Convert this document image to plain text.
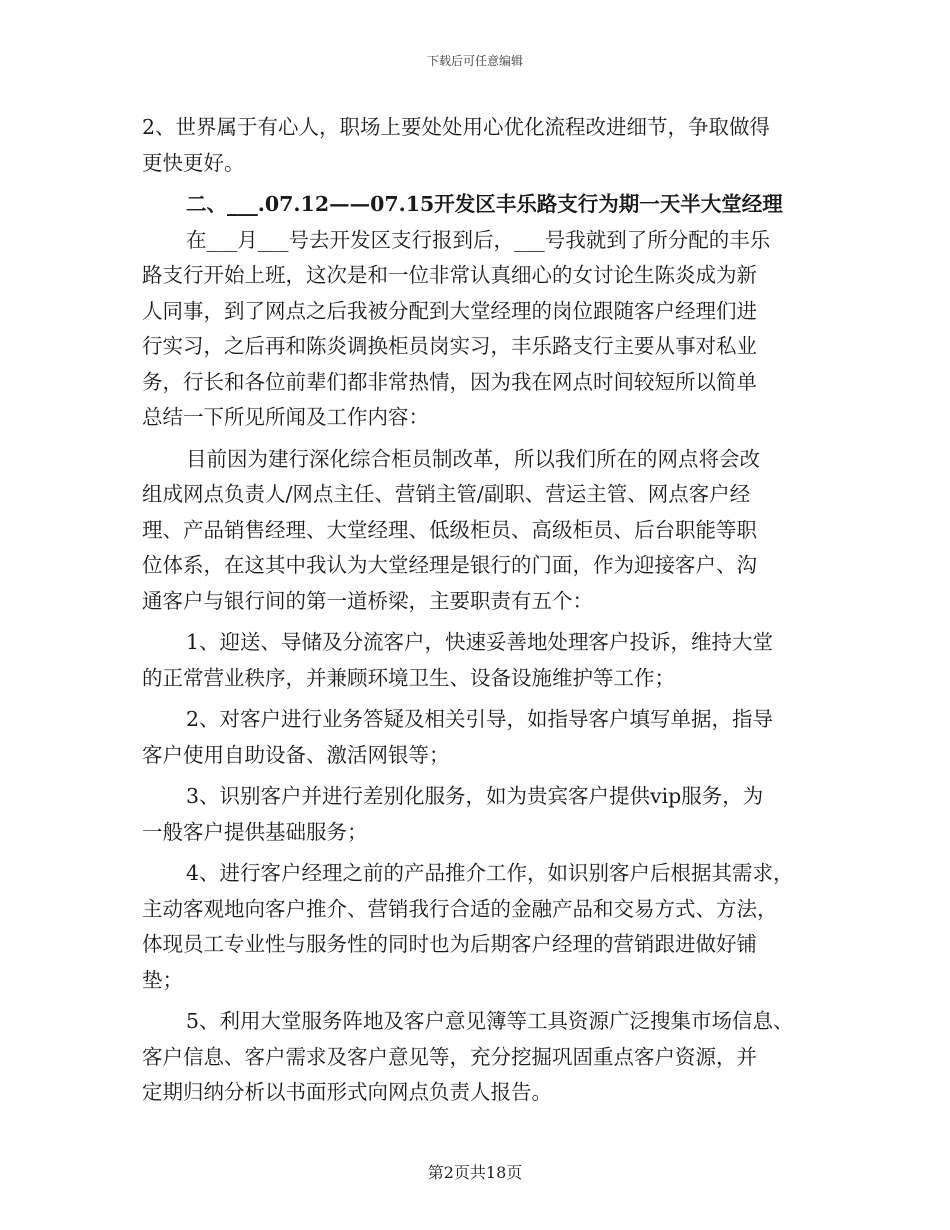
下载后可任意编辑
2、世界属于有心人，职场上要处处用心优化流程改进细节，争取做得
更快更好。
二、___.07.12——07.15开发区丰乐路支行为期一天半大堂经理
在___月___号去开发区支行报到后，___号我就到了所分配的丰乐
路支行开始上班，这次是和一位非常认真细心的女讨论生陈炎成为新
人同事，到了网点之后我被分配到大堂经理的岗位跟随客户经理们进
行实习，之后再和陈炎调换柜员岗实习，丰乐路支行主要从事对私业
务，行长和各位前辈们都非常热情，因为我在网点时间较短所以简单
总结一下所见所闻及工作内容：
目前因为建行深化综合柜员制改革，所以我们所在的网点将会改
组成网点负责人/网点主任、营销主管/副职、营运主管、网点客户经
理、产品销售经理、大堂经理、低级柜员、高级柜员、后台职能等职
位体系，在这其中我认为大堂经理是银行的门面，作为迎接客户、沟
通客户与银行间的第一道桥梁，主要职责有五个：
1、迎送、导储及分流客户，快速妥善地处理客户投诉，维持大堂
的正常营业秩序，并兼顾环境卫生、设备设施维护等工作；
2、对客户进行业务答疑及相关引导，如指导客户填写单据，指导
客户使用自助设备、激活网银等；
3、识别客户并进行差别化服务，如为贵宾客户提供vip服务，为
一般客户提供基础服务；
4、进行客户经理之前的产品推介工作，如识别客户后根据其需求，
主动客观地向客户推介、营销我行合适的金融产品和交易方式、方法，
体现员工专业性与服务性的同时也为后期客户经理的营销跟进做好铺
垫；
5、利用大堂服务阵地及客户意见簿等工具资源广泛搜集市场信息、
客户信息、客户需求及客户意见等，充分挖掘巩固重点客户资源，并
定期归纳分析以书面形式向网点负责人报告。
第2页共18页
